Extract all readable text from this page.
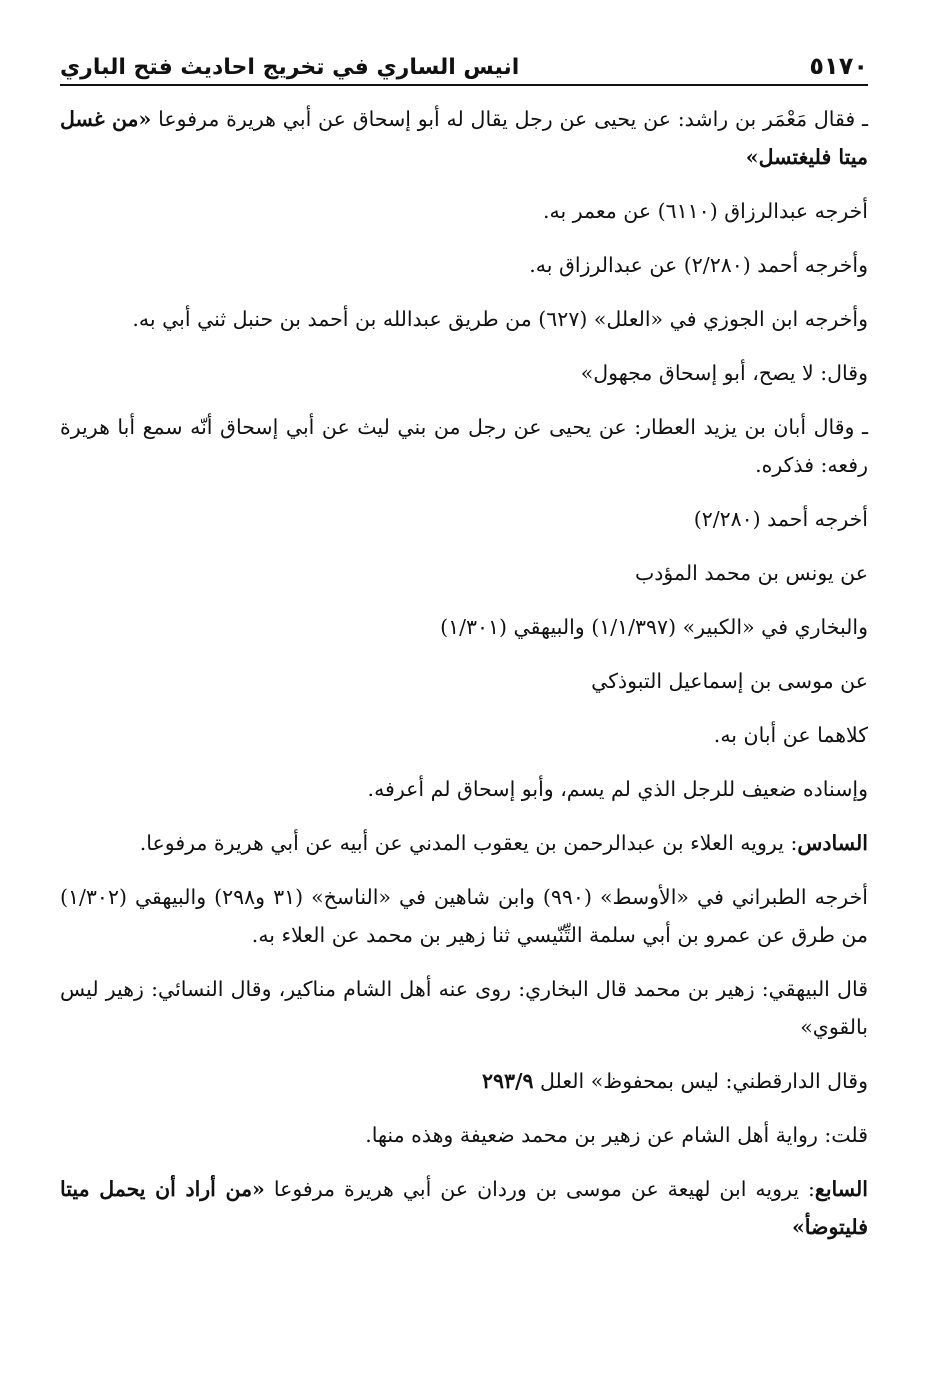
٥١٧٠
انيس الساري في تخريج احاديث فتح الباري

ـ فقال مَعْمَر بن راشد: عن يحيى عن رجل يقال له أبو إسحاق عن أبي هريرة مرفوعا «من غسل ميتا فليغتسل»

أخرجه عبدالرزاق (٦١١٠) عن معمر به.

وأخرجه أحمد (٢/٢٨٠) عن عبدالرزاق به.

وأخرجه ابن الجوزي في «العلل» (٦٢٧) من طريق عبدالله بن أحمد بن حنبل ثني أبي به.

وقال: لا يصح، أبو إسحاق مجهول»

ـ وقال أبان بن يزيد العطار: عن يحيى عن رجل من بني ليث عن أبي إسحاق أنّه سمع أبا هريرة رفعه: فذكره.

أخرجه أحمد (٢/٢٨٠)

عن يونس بن محمد المؤدب

والبخاري في «الكبير» (١/١/٣٩٧) والبيهقي (١/٣٠١)

عن موسى بن إسماعيل التبوذكي

كلاهما عن أبان به.

وإسناده ضعيف للرجل الذي لم يسم، وأبو إسحاق لم أعرفه.

السادس: يرويه العلاء بن عبدالرحمن بن يعقوب المدني عن أبيه عن أبي هريرة مرفوعا.

أخرجه الطبراني في «الأوسط» (٩٩٠) وابن شاهين في «الناسخ» (٣١ و٢٩٨) والبيهقي (١/٣٠٢) من طرق عن عمرو بن أبي سلمة التِّنّيسي ثنا زهير بن محمد عن العلاء به.

قال البيهقي: زهير بن محمد قال البخاري: روى عنه أهل الشام مناكير، وقال النسائي: زهير ليس بالقوي»

وقال الدارقطني: ليس بمحفوظ» العلل ٢٩٣/٩

قلت: رواية أهل الشام عن زهير بن محمد ضعيفة وهذه منها.

السابع: يرويه ابن لهيعة عن موسى بن وردان عن أبي هريرة مرفوعا «من أراد أن يحمل ميتا فليتوضأ»
